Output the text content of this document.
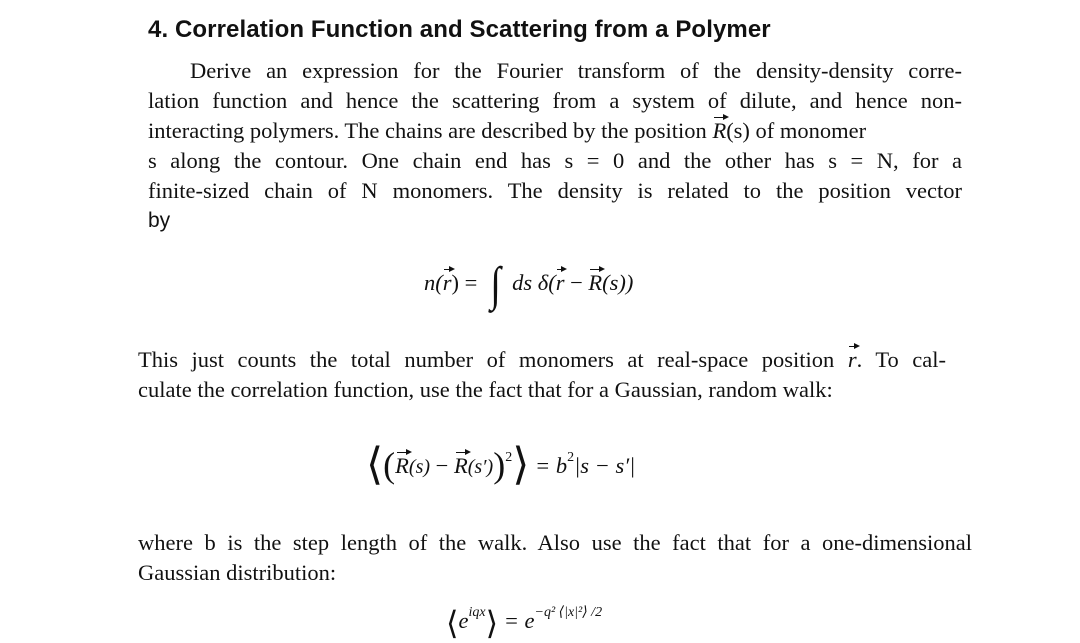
4. Correlation Function and Scattering from a Polymer
Derive an expression for the Fourier transform of the density-density corre-
lation function and hence the scattering from a system of dilute, and hence non-
interacting polymers. The chains are described by the position R(s) of monomer
s along the contour. One chain end has s = 0 and the other has s = N, for a
finite-sized chain of N monomers. The density is related to the position vector
by
n(r) = ∫ ds δ(r − R(s))
This just counts the total number of monomers at real-space position r. To cal-
culate the correlation function, use the fact that for a Gaussian, random walk:
⟨(R(s) − R(s′))$^2$⟩ = $b^2|s - s'|$
where b is the step length of the walk. Also use the fact that for a one-dimensional
Gaussian distribution:
$⟨e^{iqx}⟩ = e^{-q^2 ⟨|x|^2⟩ /2}$
